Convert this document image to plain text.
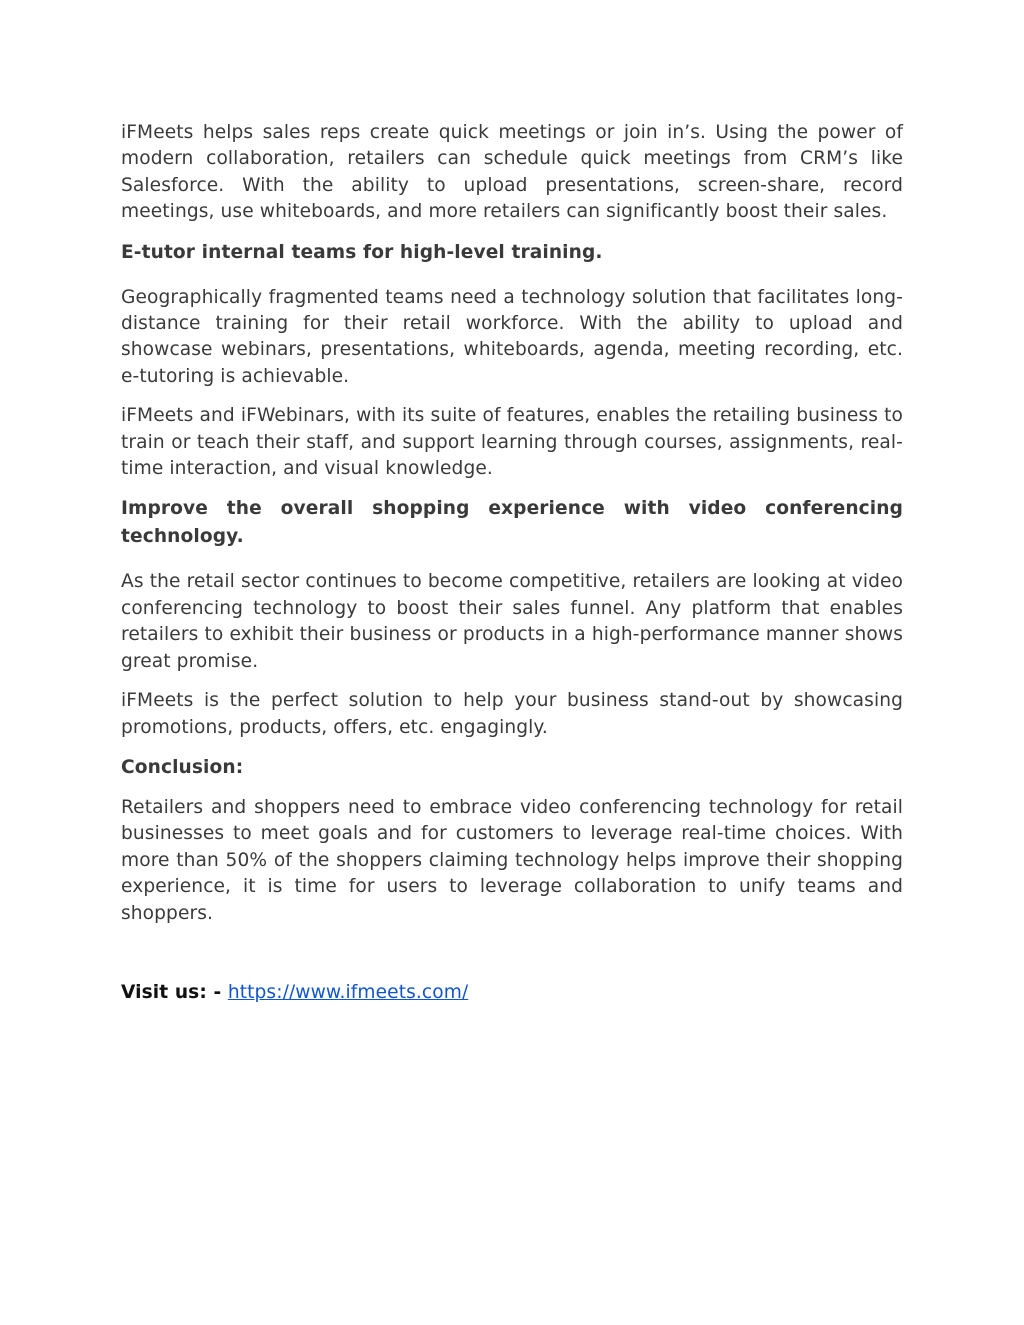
iFMeets helps sales reps create quick meetings or join in’s. Using the power of modern collaboration, retailers can schedule quick meetings from CRM’s like Salesforce. With the ability to upload presentations, screen-share, record meetings, use whiteboards, and more retailers can significantly boost their sales.

E-tutor internal teams for high-level training.

Geographically fragmented teams need a technology solution that facilitates long-distance training for their retail workforce. With the ability to upload and showcase webinars, presentations, whiteboards, agenda, meeting recording, etc. e-tutoring is achievable.

iFMeets and iFWebinars, with its suite of features, enables the retailing business to train or teach their staff, and support learning through courses, assignments, real-time interaction, and visual knowledge.

Improve the overall shopping experience with video conferencing technology.

As the retail sector continues to become competitive, retailers are looking at video conferencing technology to boost their sales funnel. Any platform that enables retailers to exhibit their business or products in a high-performance manner shows great promise.

iFMeets is the perfect solution to help your business stand-out by showcasing promotions, products, offers, etc. engagingly.

Conclusion:

Retailers and shoppers need to embrace video conferencing technology for retail businesses to meet goals and for customers to leverage real-time choices. With more than 50% of the shoppers claiming technology helps improve their shopping experience, it is time for users to leverage collaboration to unify teams and shoppers.

Visit us: - https://www.ifmeets.com/
